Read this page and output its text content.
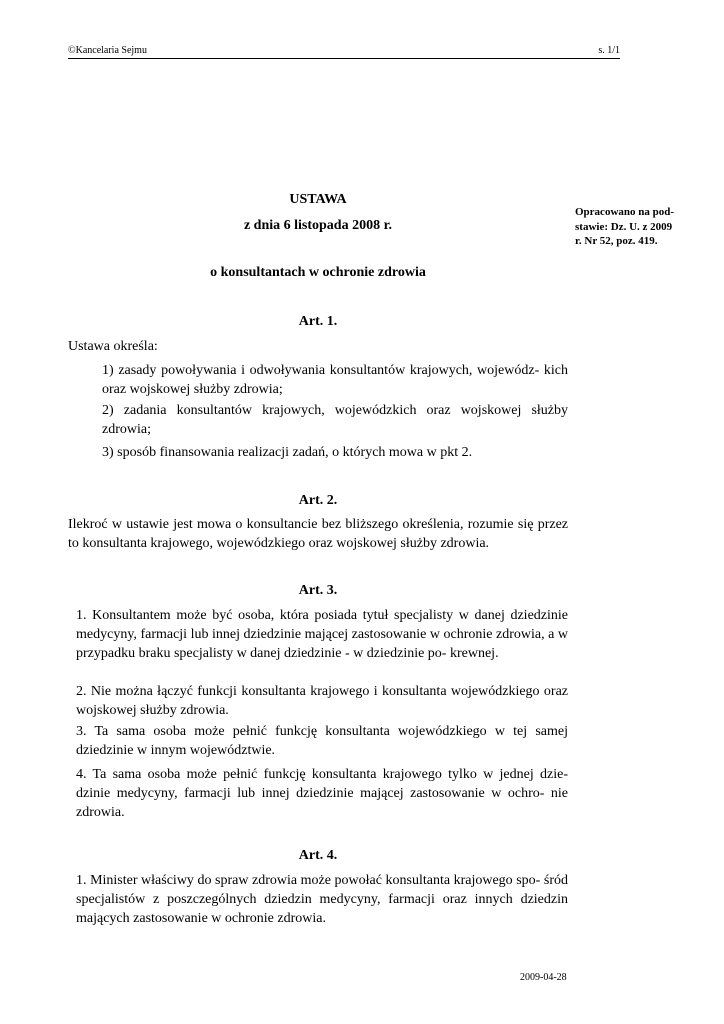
©Kancelaria Sejmu	s. 1/1
USTAWA
z dnia 6 listopada 2008 r.
o konsultantach w ochronie zdrowia
Opracowano na pod-
stawie: Dz. U. z 2009
r. Nr 52, poz. 419.
Art. 1.
Ustawa określa:
1) zasady powoływania i odwoływania konsultantów krajowych, wojewódz- kich oraz wojskowej służby zdrowia;
2) zadania konsultantów krajowych, wojewódzkich oraz wojskowej służby zdrowia;
3) sposób finansowania realizacji zadań, o których mowa w pkt 2.
Art. 2.
Ilekroć w ustawie jest mowa o konsultancie bez bliższego określenia, rozumie się przez to konsultanta krajowego, wojewódzkiego oraz wojskowej służby zdrowia.
Art. 3.
1. Konsultantem może być osoba, która posiada tytuł specjalisty w danej dziedzinie medycyny, farmacji lub innej dziedzinie mającej zastosowanie w ochronie zdrowia, a w przypadku braku specjalisty w danej dziedzinie - w dziedzinie po- krewnej.
2. Nie można łączyć funkcji konsultanta krajowego i konsultanta wojewódzkiego oraz wojskowej służby zdrowia.
3. Ta sama osoba może pełnić funkcję konsultanta wojewódzkiego w tej samej dziedzinie w innym województwie.
4. Ta sama osoba może pełnić funkcję konsultanta krajowego tylko w jednej dzie- dzinie medycyny, farmacji lub innej dziedzinie mającej zastosowanie w ochro- nie zdrowia.
Art. 4.
1. Minister właściwy do spraw zdrowia może powołać konsultanta krajowego spo- śród specjalistów z poszczególnych dziedzin medycyny, farmacji oraz innych dziedzin mających zastosowanie w ochronie zdrowia.
2009-04-28
